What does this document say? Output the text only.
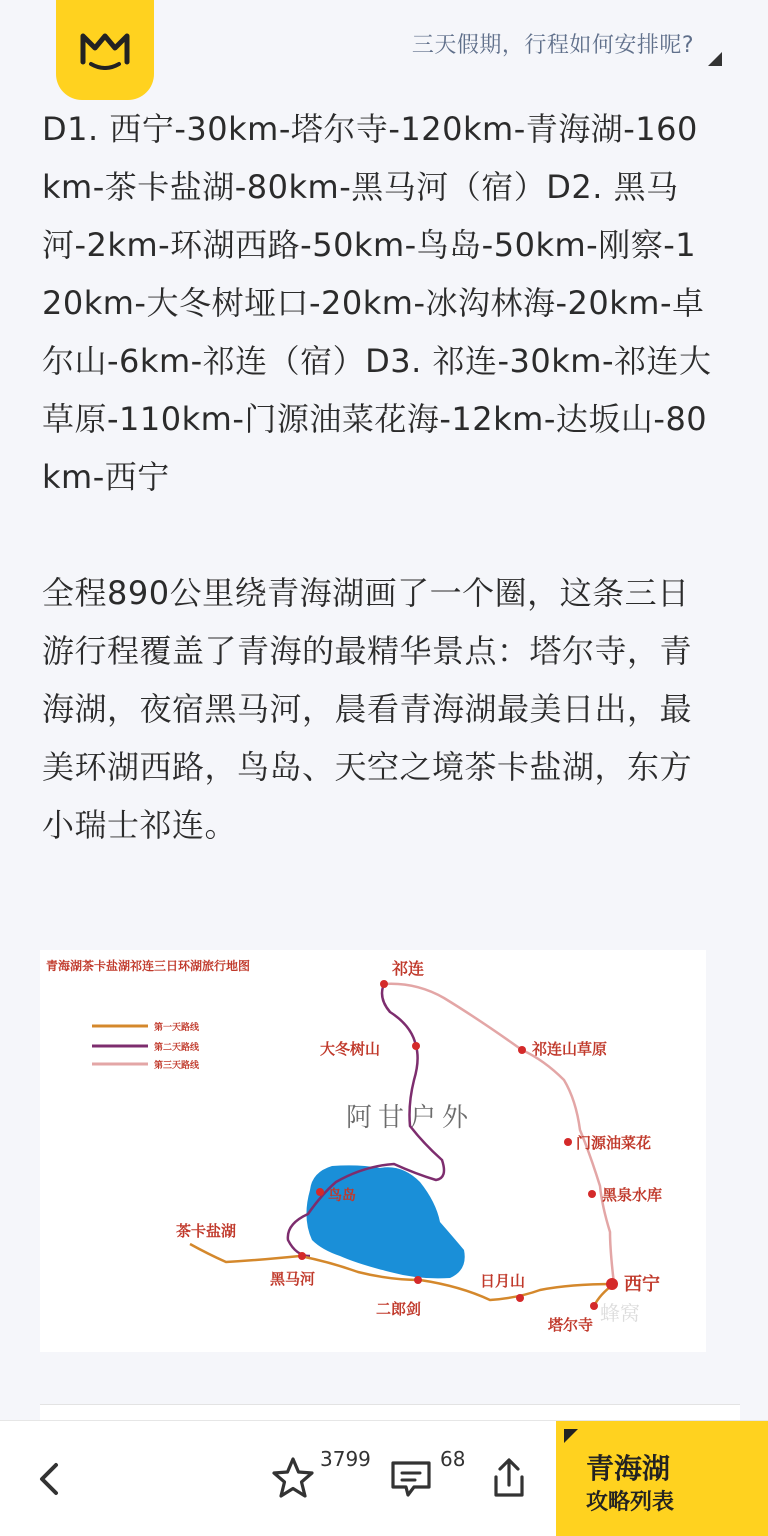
三天假期，行程如何安排呢?

D1. 西宁-30km-塔尔寺-120km-青海湖-160km-茶卡盐湖-80km-黑马河（宿）D2. 黑马河-2km-环湖西路-50km-鸟岛-50km-刚察-120km-大冬树垭口-20km-冰沟林海-20km-卓尔山-6km-祁连（宿）D3. 祁连-30km-祁连大草原-110km-门源油菜花海-12km-达坂山-80km-西宁

全程890公里绕青海湖画了一个圈，这条三日游行程覆盖了青海的最精华景点：塔尔寺，青海湖，夜宿黑马河，晨看青海湖最美日出，最美环湖西路，鸟岛、天空之境茶卡盐湖，东方小瑞士祁连。

青海湖茶卡盐湖祁连三日环湖旅行地图
第一天路线
第二天路线
第三天路线
阿甘户外
祁连
大冬树山	祁连山草原
门源油菜花
黑泉水库
鸟岛
茶卡盐湖
黑马河
二郎剑
日月山	西宁
塔尔寺 蜂窝
3799	68	青海湖
攻略列表
